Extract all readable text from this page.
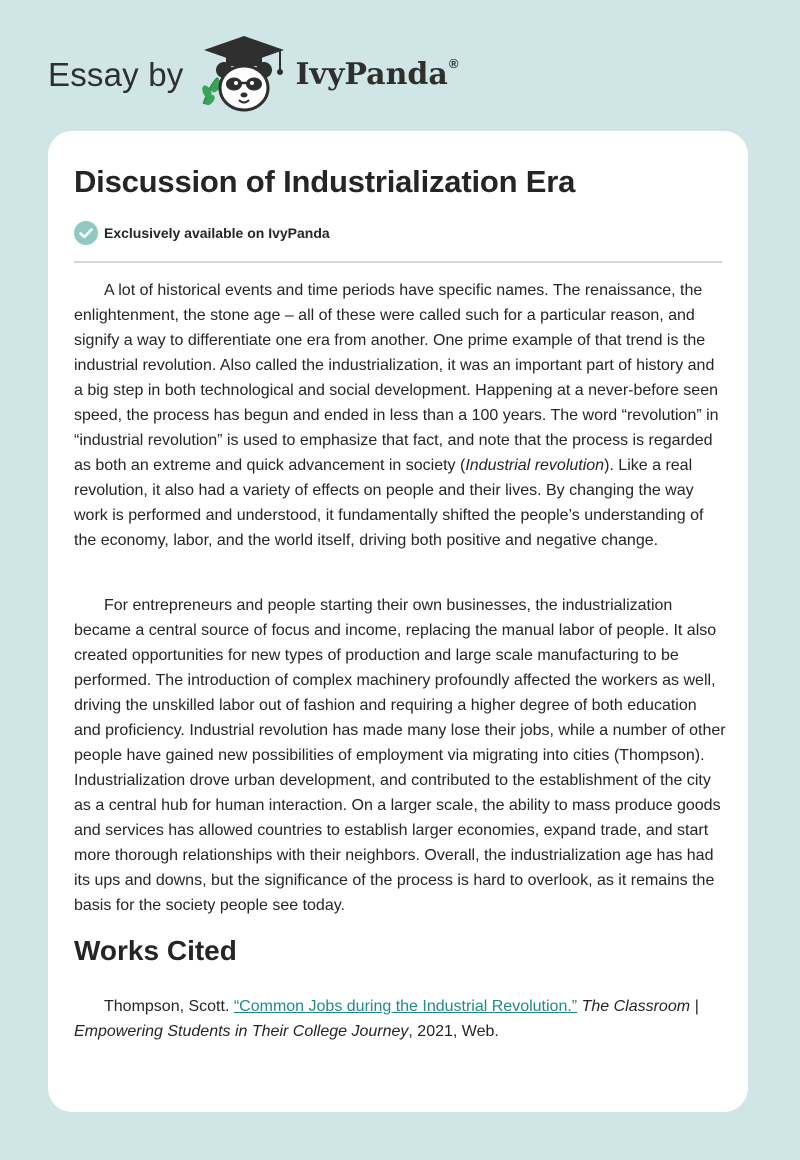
Essay by	IvyPanda ®
Discussion of Industrialization Era
Exclusively available on IvyPanda

A lot of historical events and time periods have specific names. The renaissance, the enlightenment, the stone age – all of these were called such for a particular reason, and signify a way to differentiate one era from another. One prime example of that trend is the industrial revolution. Also called the industrialization, it was an important part of history and a big step in both technological and social development. Happening at a never-before seen speed, the process has begun and ended in less than a 100 years. The word “revolution” in “industrial revolution” is used to emphasize that fact, and note that the process is regarded as both an extreme and quick advancement in society (Industrial revolution). Like a real revolution, it also had a variety of effects on people and their lives. By changing the way work is performed and understood, it fundamentally shifted the people’s understanding of the economy, labor, and the world itself, driving both positive and negative change.

For entrepreneurs and people starting their own businesses, the industrialization became a central source of focus and income, replacing the manual labor of people. It also created opportunities for new types of production and large scale manufacturing to be performed. The introduction of complex machinery profoundly affected the workers as well, driving the unskilled labor out of fashion and requiring a higher degree of both education and proficiency. Industrial revolution has made many lose their jobs, while a number of other people have gained new possibilities of employment via migrating into cities (Thompson). Industrialization drove urban development, and contributed to the establishment of the city as a central hub for human interaction. On a larger scale, the ability to mass produce goods and services has allowed countries to establish larger economies, expand trade, and start more thorough relationships with their neighbors. Overall, the industrialization age has had its ups and downs, but the significance of the process is hard to overlook, as it remains the basis for the society people see today.

Works Cited

Thompson, Scott. “Common Jobs during the Industrial Revolution.” The Classroom | Empowering Students in Their College Journey, 2021, Web.
